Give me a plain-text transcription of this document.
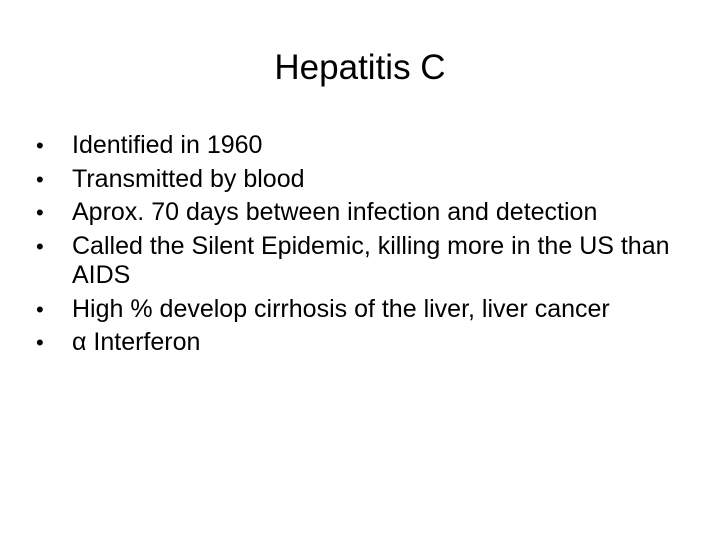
Hepatitis C
•	Identified in 1960
•	Transmitted by blood
•	Aprox. 70 days between infection and detection
•	Called the Silent Epidemic, killing more in the US than AIDS
•	High % develop cirrhosis of the liver, liver cancer
•	α Interferon
